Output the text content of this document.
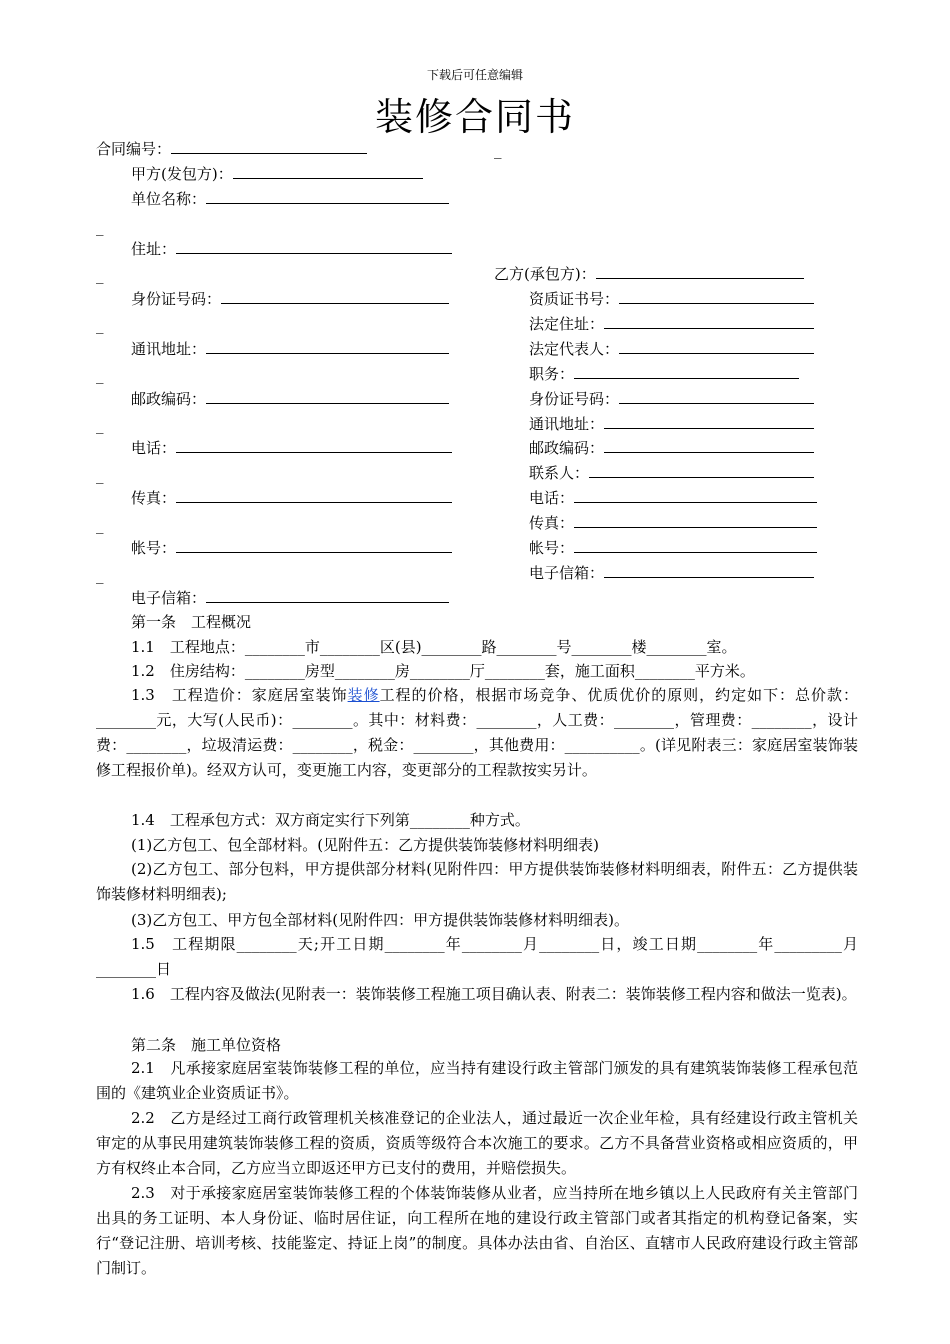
下载后可任意编辑
装修合同书
合同编号：	_
甲方(发包方)：
单位名称：
_
住址：
_
身份证号码：
_
通讯地址：
_
邮政编码：
_
电话：
_
传真：
_
帐号：
_
电子信箱：
乙方(承包方)：
资质证书号：
法定住址：
法定代表人：
职务：
身份证号码：
通讯地址：
邮政编码：
联系人：
电话：
传真：
帐号：
电子信箱：
第一条　工程概况
1.1　工程地点：________市________区(县)________路________号________楼________室。
1.2　住房结构：________房型________房________厅________套，施工面积________平方米。
1.3　工程造价：家庭居室装饰装修工程的价格，根据市场竞争、优质优价的原则，约定如下：总价款：________元，大写(人民币)：________。其中：材料费：________，人工费：________，管理费：________，设计费：________，垃圾清运费：________，税金：________，其他费用：__________。(详见附表三：家庭居室装饰装修工程报价单)。经双方认可，变更施工内容，变更部分的工程款按实另计。
1.4　工程承包方式：双方商定实行下列第________种方式。
(1)乙方包工、包全部材料。(见附件五：乙方提供装饰装修材料明细表)
(2)乙方包工、部分包料，甲方提供部分材料(见附件四：甲方提供装饰装修材料明细表，附件五：乙方提供装饰装修材料明细表);
(3)乙方包工、甲方包全部材料(见附件四：甲方提供装饰装修材料明细表)。
1.5　工程期限________天;开工日期________年________月________日，竣工日期________年_________月________日
1.6　工程内容及做法(见附表一：装饰装修工程施工项目确认表、附表二：装饰装修工程内容和做法一览表)。
第二条　施工单位资格
2.1　凡承接家庭居室装饰装修工程的单位，应当持有建设行政主管部门颁发的具有建筑装饰装修工程承包范围的《建筑业企业资质证书》。
2.2　乙方是经过工商行政管理机关核准登记的企业法人，通过最近一次企业年检，具有经建设行政主管机关审定的从事民用建筑装饰装修工程的资质，资质等级符合本次施工的要求。乙方不具备营业资格或相应资质的，甲方有权终止本合同，乙方应当立即返还甲方已支付的费用，并赔偿损失。
2.3　对于承接家庭居室装饰装修工程的个体装饰装修从业者，应当持所在地乡镇以上人民政府有关主管部门出具的务工证明、本人身份证、临时居住证，向工程所在地的建设行政主管部门或者其指定的机构登记备案，实行“登记注册、培训考核、技能鉴定、持证上岗”的制度。具体办法由省、自治区、直辖市人民政府建设行政主管部门制订。
